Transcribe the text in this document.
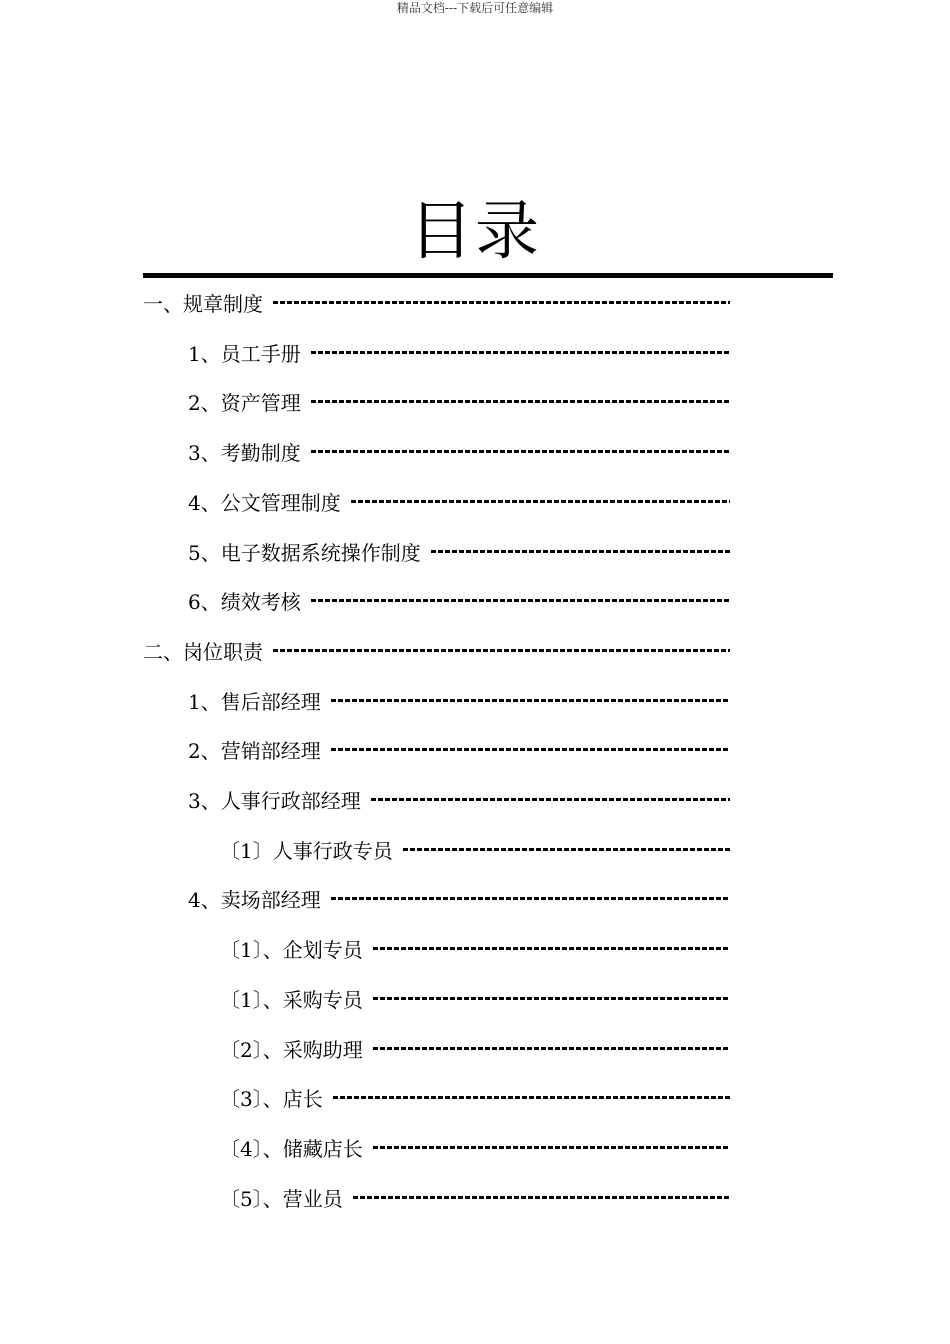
精品文档---下载后可任意编辑
目录
一、规章制度
1、员工手册
2、资产管理
3、考勤制度
4、公文管理制度
5、电子数据系统操作制度
6、绩效考核
二、岗位职责
1、售后部经理
2、营销部经理
3、人事行政部经理
〔1〕人事行政专员
4、卖场部经理
〔1〕、企划专员
〔1〕、采购专员
〔2〕、采购助理
〔3〕、店长
〔4〕、储藏店长
〔5〕、营业员
